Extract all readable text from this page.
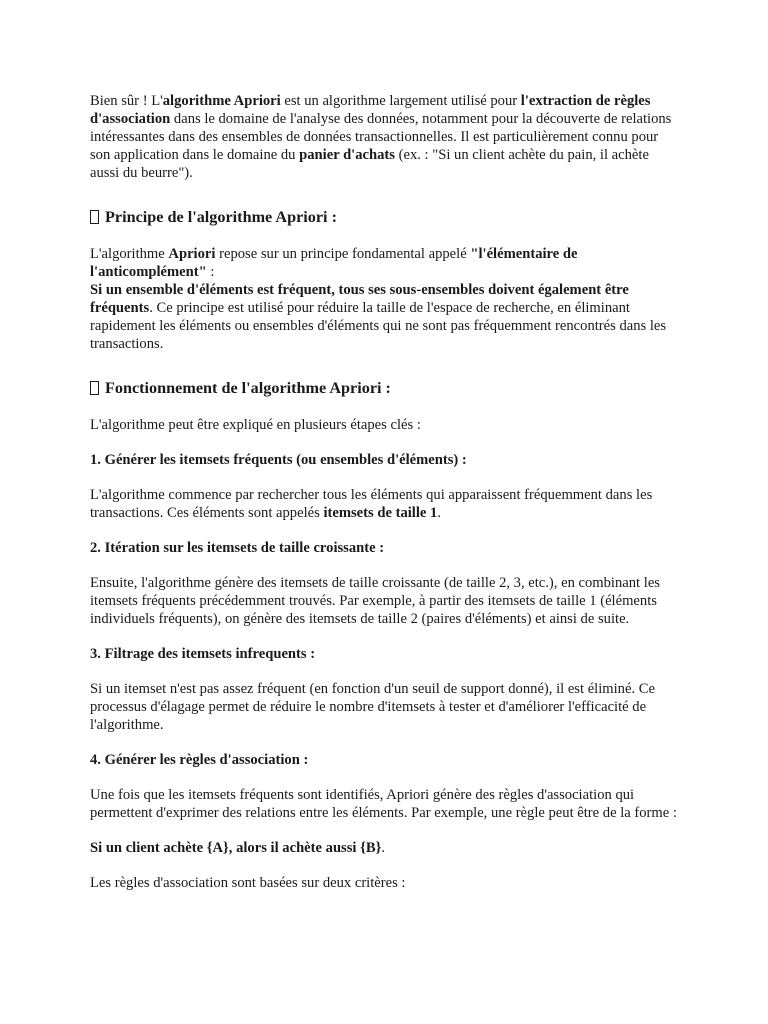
Bien sûr ! L'algorithme Apriori est un algorithme largement utilisé pour l'extraction de règles d'association dans le domaine de l'analyse des données, notamment pour la découverte de relations intéressantes dans des ensembles de données transactionnelles. Il est particulièrement connu pour son application dans le domaine du panier d'achats (ex. : "Si un client achète du pain, il achète aussi du beurre").

Principe de l'algorithme Apriori :

L'algorithme Apriori repose sur un principe fondamental appelé "l'élémentaire de l'anticomplément" :
Si un ensemble d'éléments est fréquent, tous ses sous-ensembles doivent également être fréquents. Ce principe est utilisé pour réduire la taille de l'espace de recherche, en éliminant rapidement les éléments ou ensembles d'éléments qui ne sont pas fréquemment rencontrés dans les transactions.

Fonctionnement de l'algorithme Apriori :

L'algorithme peut être expliqué en plusieurs étapes clés :

1. Générer les itemsets fréquents (ou ensembles d'éléments) :

L'algorithme commence par rechercher tous les éléments qui apparaissent fréquemment dans les transactions. Ces éléments sont appelés itemsets de taille 1.

2. Itération sur les itemsets de taille croissante :

Ensuite, l'algorithme génère des itemsets de taille croissante (de taille 2, 3, etc.), en combinant les itemsets fréquents précédemment trouvés. Par exemple, à partir des itemsets de taille 1 (éléments individuels fréquents), on génère des itemsets de taille 2 (paires d'éléments) et ainsi de suite.

3. Filtrage des itemsets infrequents :

Si un itemset n'est pas assez fréquent (en fonction d'un seuil de support donné), il est éliminé. Ce processus d'élagage permet de réduire le nombre d'itemsets à tester et d'améliorer l'efficacité de l'algorithme.

4. Générer les règles d'association :

Une fois que les itemsets fréquents sont identifiés, Apriori génère des règles d'association qui permettent d'exprimer des relations entre les éléments. Par exemple, une règle peut être de la forme :

Si un client achète {A}, alors il achète aussi {B}.

Les règles d'association sont basées sur deux critères :
